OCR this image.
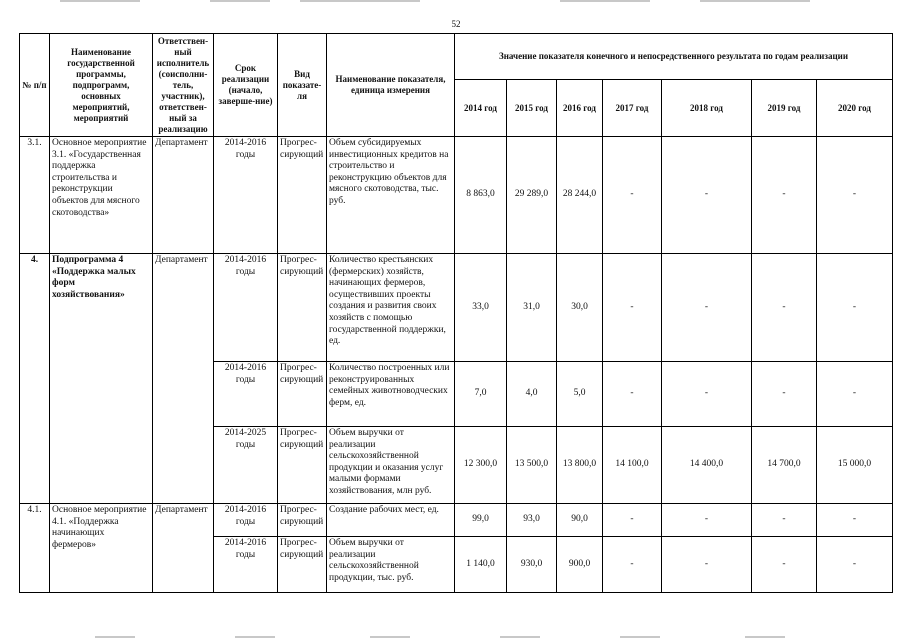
52
№ п/п	Наименование государственной программы, подпрограмм, основных мероприятий, мероприятий	Ответствен-ный исполнитель (соисполни-тель, участник), ответствен-ный за реализацию	Срок реализации (начало, заверше-ние)	Вид показате-ля	Наименование показателя, единица измерения	Значение показателя конечного и непосредственного результата по годам реализации						
						2014 год	2015 год	2016 год	2017 год	2018 год	2019 год	2020 год
3.1.	Основное мероприятие 3.1. «Государственная поддержка строительства и реконструкции объектов для мясного скотоводства»	Департамент	2014-2016 годы	Прогрес-сирующий	Объем субсидируемых инвестиционных кредитов на строительство и реконструкцию объектов для мясного скотоводства, тыс. руб.	8 863,0	29 289,0	28 244,0	-	-	-	-
4.	Подпрограмма 4 «Поддержка малых форм хозяйствования»	Департамент	2014-2016 годы	Прогрес-сирующий	Количество крестьянских (фермерских) хозяйств, начинающих фермеров, осуществивших проекты создания и развития своих хозяйств с помощью государственной поддержки, ед.	33,0	31,0	30,0	-	-	-	-
			2014-2016 годы	Прогрес-сирующий	Количество построенных или реконструированных семейных животноводческих ферм, ед.	7,0	4,0	5,0	-	-	-	-
			2014-2025 годы	Прогрес-сирующий	Объем выручки от реализации сельскохозяйственной продукции и оказания услуг малыми формами хозяйствования, млн руб.	12 300,0	13 500,0	13 800,0	14 100,0	14 400,0	14 700,0	15 000,0
4.1.	Основное мероприятие 4.1. «Поддержка начинающих фермеров»	Департамент	2014-2016 годы	Прогрес-сирующий	Создание рабочих мест, ед.	99,0	93,0	90,0	-	-	-	-
			2014-2016 годы	Прогрес-сирующий	Объем выручки от реализации сельскохозяйственной продукции, тыс. руб.	1 140,0	930,0	900,0	-	-	-	-
